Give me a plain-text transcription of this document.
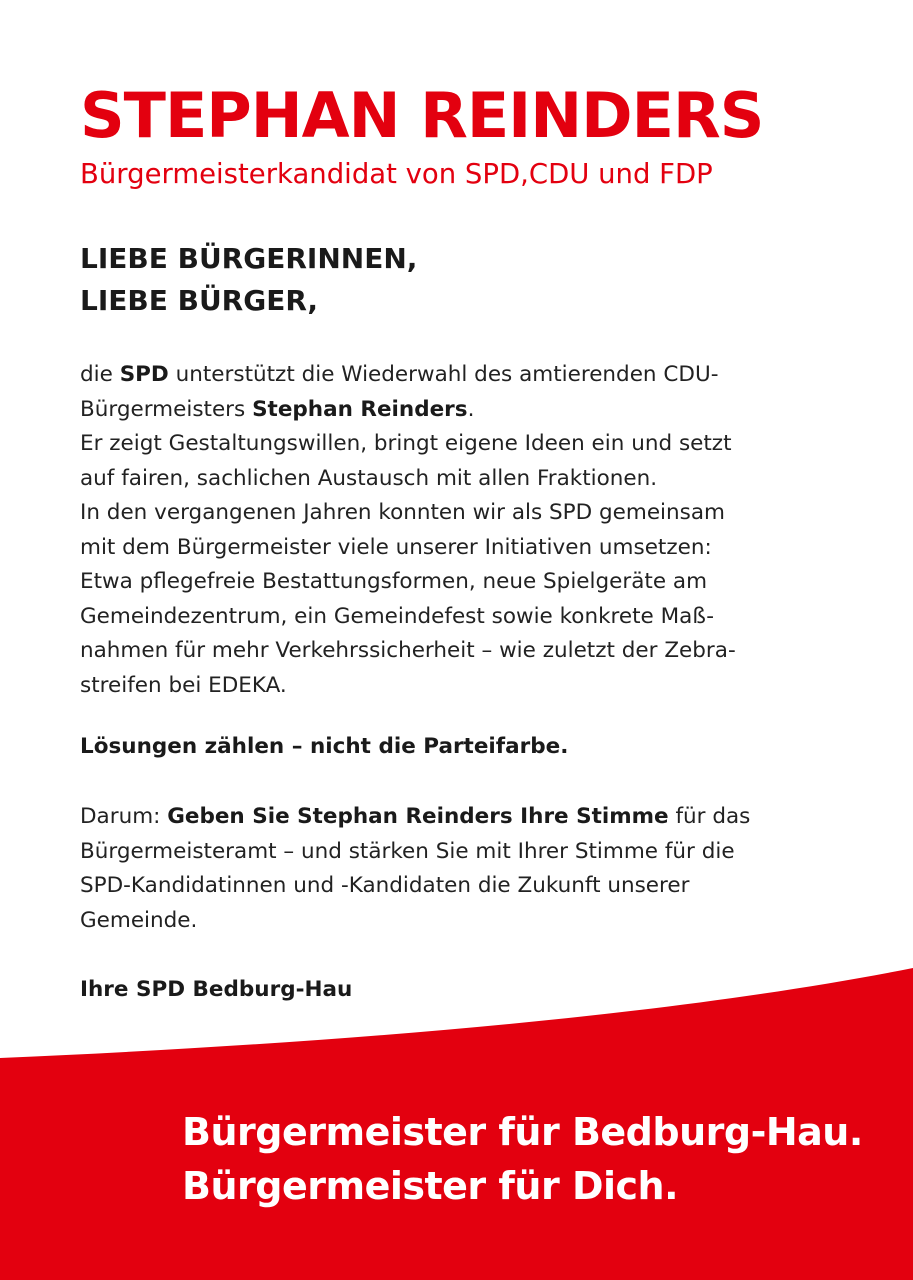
STEPHAN REINDERS
Bürgermeisterkandidat von SPD,CDU und FDP
LIEBE BÜRGERINNEN,
LIEBE BÜRGER,
die SPD unterstützt die Wiederwahl des amtierenden CDU-
Bürgermeisters Stephan Reinders.
Er zeigt Gestaltungswillen, bringt eigene Ideen ein und setzt
auf fairen, sachlichen Austausch mit allen Fraktionen.
In den vergangenen Jahren konnten wir als SPD gemeinsam
mit dem Bürgermeister viele unserer Initiativen umsetzen:
Etwa pflegefreie Bestattungsformen, neue Spielgeräte am
Gemeindezentrum, ein Gemeindefest sowie konkrete Maß-
nahmen für mehr Verkehrssicherheit – wie zuletzt der Zebra-
streifen bei EDEKA.
Lösungen zählen – nicht die Parteifarbe.
Darum: Geben Sie Stephan Reinders Ihre Stimme für das
Bürgermeisteramt – und stärken Sie mit Ihrer Stimme für die
SPD-Kandidatinnen und -Kandidaten die Zukunft unserer
Gemeinde.
Ihre SPD Bedburg-Hau
Bürgermeister für Bedburg-Hau.
Bürgermeister für Dich.
